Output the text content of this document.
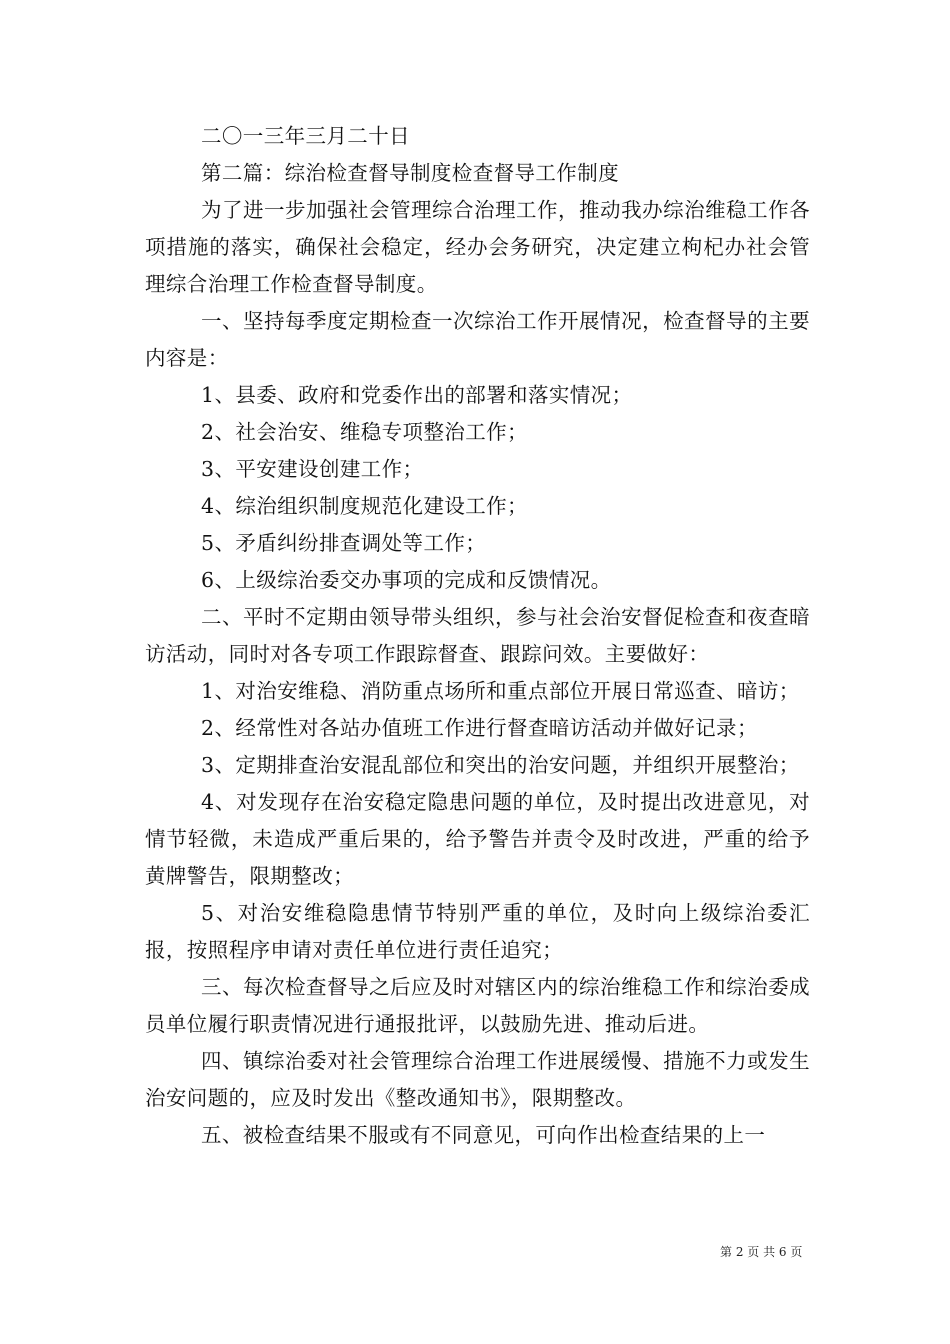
二〇一三年三月二十日

第二篇：综治检查督导制度检查督导工作制度

为了进一步加强社会管理综合治理工作，推动我办综治维稳工作各项措施的落实，确保社会稳定，经办会务研究，决定建立枸杞办社会管理综合治理工作检查督导制度。

一、坚持每季度定期检查一次综治工作开展情况，检查督导的主要内容是：

1、县委、政府和党委作出的部署和落实情况；

2、社会治安、维稳专项整治工作；

3、平安建设创建工作；

4、综治组织制度规范化建设工作；

5、矛盾纠纷排查调处等工作；

6、上级综治委交办事项的完成和反馈情况。

二、平时不定期由领导带头组织，参与社会治安督促检查和夜查暗访活动，同时对各专项工作跟踪督查、跟踪问效。主要做好：

1、对治安维稳、消防重点场所和重点部位开展日常巡查、暗访；

2、经常性对各站办值班工作进行督查暗访活动并做好记录；

3、定期排查治安混乱部位和突出的治安问题，并组织开展整治；

4、对发现存在治安稳定隐患问题的单位，及时提出改进意见，对情节轻微，未造成严重后果的，给予警告并责令及时改进，严重的给予黄牌警告，限期整改；

5、对治安维稳隐患情节特别严重的单位，及时向上级综治委汇报，按照程序申请对责任单位进行责任追究；

三、每次检查督导之后应及时对辖区内的综治维稳工作和综治委成员单位履行职责情况进行通报批评，以鼓励先进、推动后进。

四、镇综治委对社会管理综合治理工作进展缓慢、措施不力或发生治安问题的，应及时发出《整改通知书》，限期整改。

五、被检查结果不服或有不同意见，可向作出检查结果的上一

第 2 页 共 6 页
